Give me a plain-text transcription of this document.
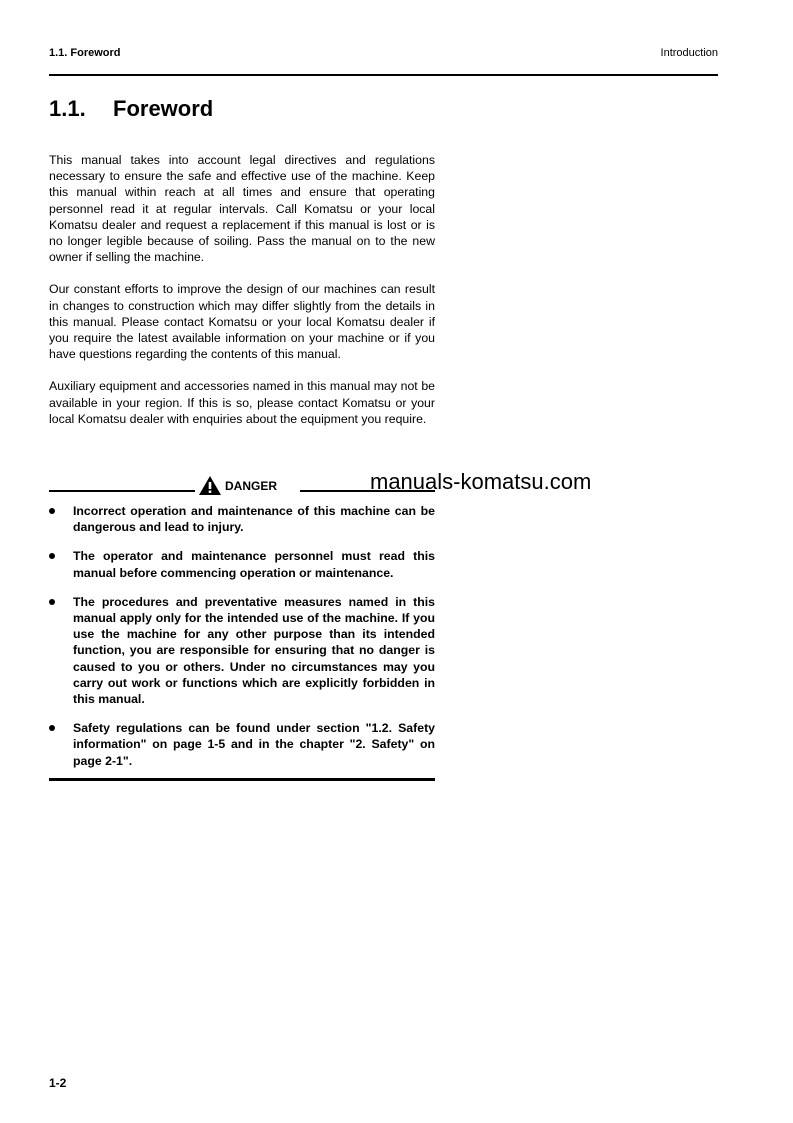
1.1. Foreword	Introduction
1.1. Foreword

This manual takes into account legal directives and regulations necessary to ensure the safe and effective use of the machine. Keep this manual within reach at all times and ensure that operating personnel read it at regular intervals. Call Komatsu or your local Komatsu dealer and request a replacement if this manual is lost or is no longer legible because of soiling. Pass the manual on to the new owner if selling the machine.

Our constant efforts to improve the design of our machines can result in changes to construction which may differ slightly from the details in this manual. Please contact Komatsu or your local Komatsu dealer if you require the latest available information on your machine or if you have questions regarding the contents of this manual.

Auxiliary equipment and accessories named in this manual may not be available in your region. If this is so, please contact Komatsu or your local Komatsu dealer with enquiries about the equipment you require.

DANGER	manuals-komatsu.com
Incorrect operation and maintenance of this machine can be dangerous and lead to injury.
The operator and maintenance personnel must read this manual before commencing operation or maintenance.
The procedures and preventative measures named in this manual apply only for the intended use of the machine. If you use the machine for any other purpose than its intended function, you are responsible for ensuring that no danger is caused to you or others. Under no circumstances may you carry out work or functions which are explicitly forbidden in this manual.
Safety regulations can be found under section "1.2. Safety information" on page 1-5 and in the chapter "2. Safety" on page 2-1".
1-2
